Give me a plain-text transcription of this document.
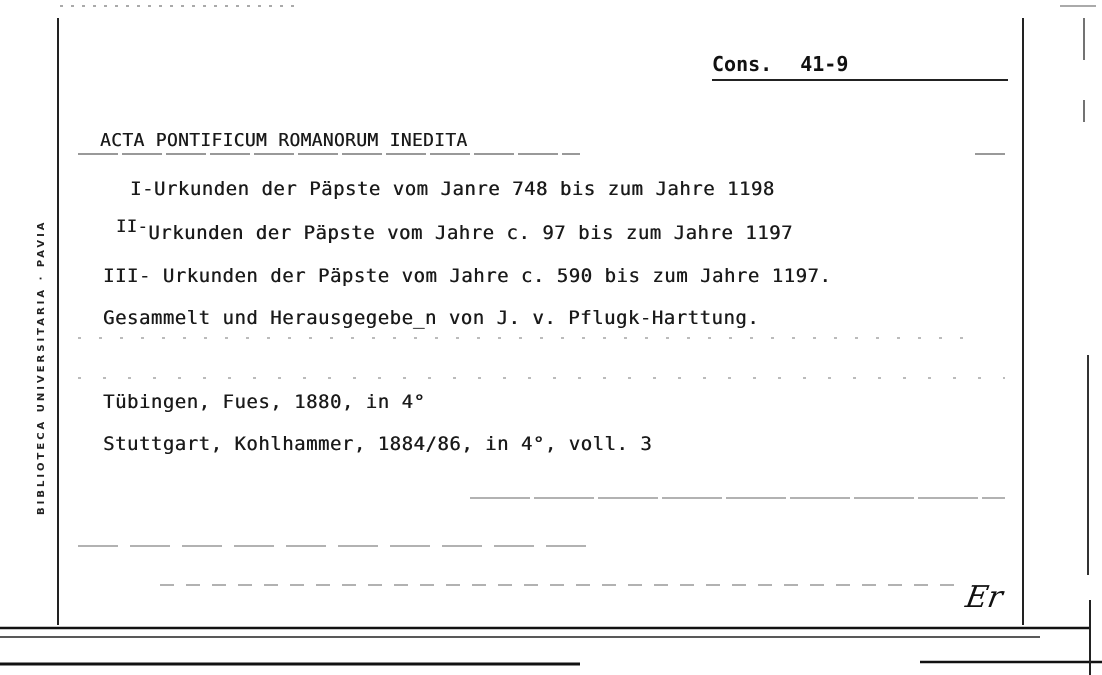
BIBLIOTECA UNIVERSITARIA · PAVIA
Cons. 41-9
ACTA PONTIFICUM ROMANORUM INEDITA
I-Urkunden der Päpste vom Janre 748 bis zum Jahre 1198
II-Urkunden der Päpste vom Jahre c. 97 bis zum Jahre 1197
III- Urkunden der Päpste vom Jahre c. 590 bis zum Jahre 1197.
Gesammelt und Herausgegebe̲n von J. v. Pflugk-Harttung.
Tübingen, Fues, 1880, in 4°
Stuttgart, Kohlhammer, 1884/86, in 4°, voll. 3
Er
